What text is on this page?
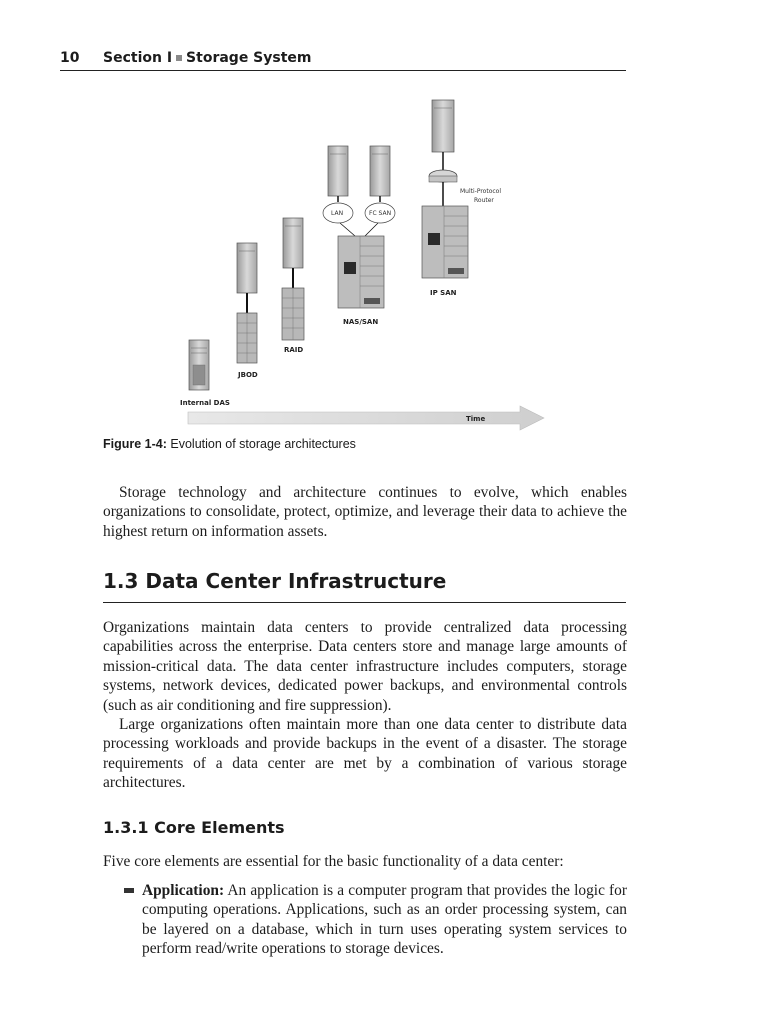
10 Section I Storage System
Time
Internal DAS
JBOD
RAID
LAN	FC SAN
NAS/SAN
Multi-Protocol
Router
IP SAN
Figure 1-4: Evolution of storage architectures

Storage technology and architecture continues to evolve, which enables organizations to consolidate, protect, optimize, and leverage their data to achieve the highest return on information assets.

1.3 Data Center Infrastructure

Organizations maintain data centers to provide centralized data processing capabilities across the enterprise. Data centers store and manage large amounts of mission-critical data. The data center infrastructure includes computers, storage systems, network devices, dedicated power backups, and environmental controls (such as air conditioning and fire suppression).

Large organizations often maintain more than one data center to distribute data processing workloads and provide backups in the event of a disaster. The storage requirements of a data center are met by a combination of various storage architectures.

1.3.1 Core Elements

Five core elements are essential for the basic functionality of a data center:

Application: An application is a computer program that provides the logic for computing operations. Applications, such as an order processing system, can be layered on a database, which in turn uses operating system services to perform read/write operations to storage devices.
